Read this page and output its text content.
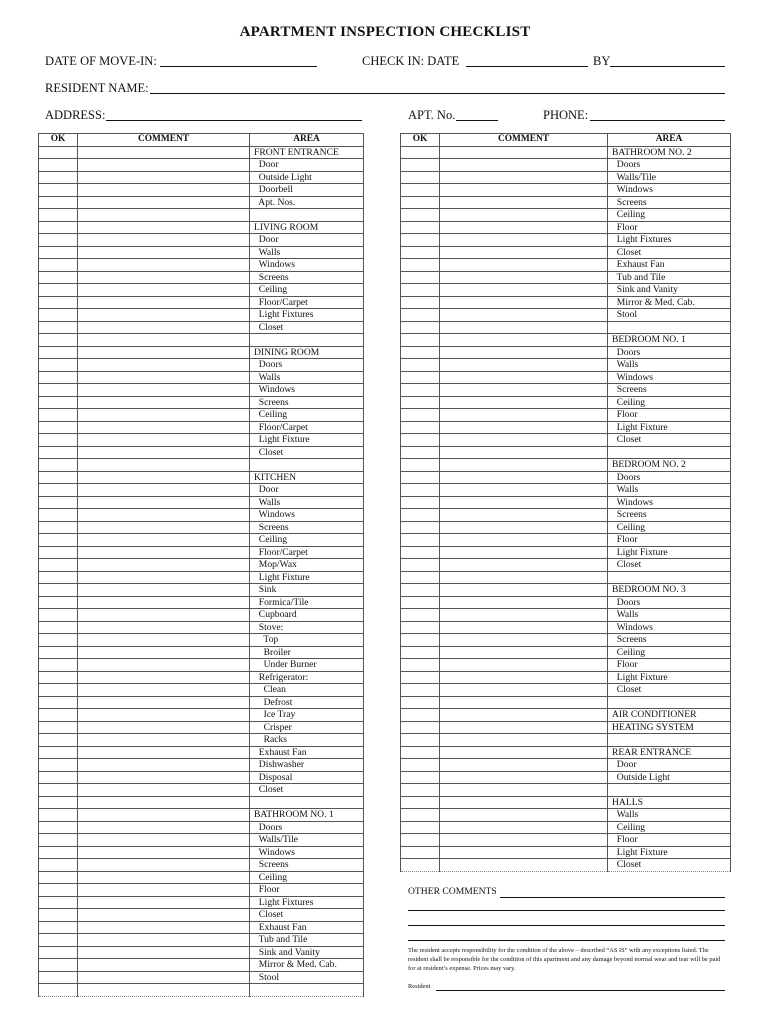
APARTMENT INSPECTION CHECKLIST
DATE OF MOVE-IN:	CHECK IN: DATE	BY
RESIDENT NAME:
ADDRESS:	APT. No.	PHONE:
OK	COMMENT	AREA
		FRONT ENTRANCE
		Door
		Outside Light
		Doorbell
		Apt. Nos.

		LIVING ROOM
		Door
		Walls
		Windows
		Screens
		Ceiling
		Floor/Carpet
		Light Fixtures
		Closet

		DINING ROOM
		Doors
		Walls
		Windows
		Screens
		Ceiling
		Floor/Carpet
		Light Fixture
		Closet

		KITCHEN
		Door
		Walls
		Windows
		Screens
		Ceiling
		Floor/Carpet
		Mop/Wax
		Light Fixture
		Sink
		Formica/Tile
		Cupboard
		Stove:
		Top
		Broiler
		Under Burner
		Refrigerator:
		Clean
		Defrost
		Ice Tray
		Crisper
		Racks
		Exhaust Fan
		Dishwasher
		Disposal
		Closet

		BATHROOM NO. 1
		Doors
		Walls/Tile
		Windows
		Screens
		Ceiling
		Floor
		Light Fixtures
		Closet
		Exhaust Fan
		Tub and Tile
		Sink and Vanity
		Mirror & Med. Cab.
		Stool

OK	COMMENT	AREA
		BATHROOM NO. 2
		Doors
		Walls/Tile
		Windows
		Screens
		Ceiling
		Floor
		Light Fixtures
		Closet
		Exhaust Fan
		Tub and Tile
		Sink and Vanity
		Mirror & Med. Cab.
		Stool

		BEDROOM NO. 1
		Doors
		Walls
		Windows
		Screens
		Ceiling
		Floor
		Light Fixture
		Closet

		BEDROOM NO. 2
		Doors
		Walls
		Windows
		Screens
		Ceiling
		Floor
		Light Fixture
		Closet

		BEDROOM NO. 3
		Doors
		Walls
		Windows
		Screens
		Ceiling
		Floor
		Light Fixture
		Closet

		AIR CONDITIONER
		HEATING SYSTEM

		REAR ENTRANCE
		Door
		Outside Light

		HALLS
		Walls
		Ceiling
		Floor
		Light Fixture
		Closet
OTHER COMMENTS
The resident accepts responsibility for the condition of the above – described “AS IS” with any exceptions listed. The resident shall be responsible for the condition of this apartment and any damage beyond normal wear and tear will be paid for at resident’s expense. Prices may vary.
Resident
